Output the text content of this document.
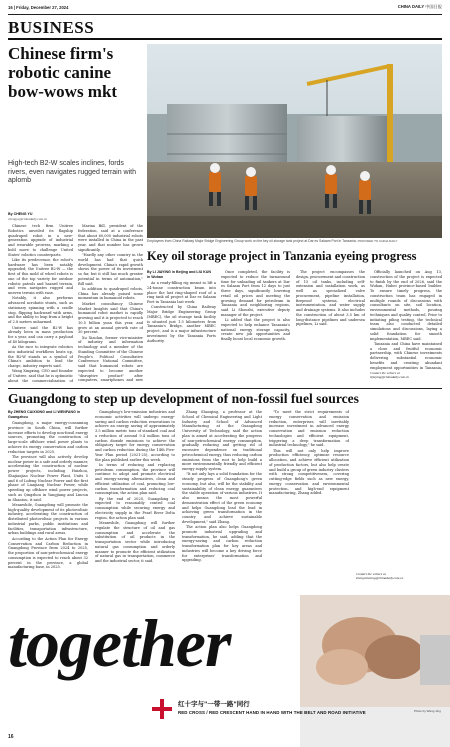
16 | Friday, December 27, 2024	CHINA DAILY 中国日报
BUSINESS
Chinese firm's robotic canine bow-wows mkt
High-tech B2-W scales inclines, fords rivers, even navigates rugged terrain with aplomb
By CHENG YU
chengyu@chinadaily.com.cn

Chinese tech firm Unitree Robotics unveiled its flagship quadruped robot in a new-generation upgrade of industrial and wearable prowess, marking a bold move to challenge United States' robotics counterparts.

Like its predecessor, the robot's hardware has been notably upgraded; the Unitree B2-W — the first of this mold of wheel robots is one of the top variety for outdoor robotic patrols and hazard terrain, and even navigates rugged and uneven terrain with ease.

Notably, it also performs advanced acrobatic stunts, such as stationary spinning with a cradle stop, flipping backward with arms, and the ability to leap from a height of 2.8 meters unharmed.

Unitree said the B2-W has already been in mass production for a year, and can carry a payload of 40 kilograms.

As the race to integrate robotics into industrial workflows heats up, the B2-W stands as a symbol of China's ambition to lead the charge, industry experts said.

Wang Xingxing, CEO and founder of Unitree, said that he is optimistic about the commercialization of

Marina Bill, president of the federation, said at a conference that about 60,000 industrial robots were installed in China in the past year, and that number has grown significantly.

"Hardly any other country in the world has had that quick development. China's rapid growth shows the power of its investment so far, but it still has much greater potential in terms of automation," Bill said.

In addition to quadruped robots, China has already poised some momentum in humanoid robots.

Market consultancy Chinese Market Insights said that China's humanoid robot market is rapidly growing and it is projected to reach 10.5 billion yuan this year, and grow at an annual growth rate of 30 percent.

Xu Xiaolan, former vice-minister of industry and information technology and a member of the Standing Committee of the Chinese People's Political Consultative Conference National Committee, said that humanoid robots are expected to become another "disruptive product" after computers, smartphones and new

Employees from China Railway Major Bridge Engineering Group work on the key oil storage tank project at Dar es Salaam Port in Tanzania. PROVIDED TO CHINA DAILY
Key oil storage project in Tanzania eyeing progress
By LI JIAYING in Beijing and LIU KUN in Wuhan

As a ready-filling rig meant to lift a 24-tonne construction beam into place the last ring-shaped roof of a ring tank oil project at Dar es Salaam Port in Tanzania last week.

Constructed by China Railway Major Bridge Engineering Group (MBEC), the oil storage tank facility is situated just 1.5 kilometers from Tanzania's Bridge, another MBEC project, and is a major infrastructure investment by the Tanzania Ports Authority.

Once completed, the facility is expected to reduce the turnaround time for unloading oil tankers at Dar es Salaam Port from 12 days to just three days, significantly lowering retail oil prices and meeting the growing demand for petroleum in Tanzania and neighboring regions, said Li Shouzhi, executive deputy manager of the project.

Li added that the project is also expected to help enhance Tanzania's national energy storage capacity, create new job opportunities and finally boost local economic growth.

The project encompasses the design, procurement and construction of 15 oil tanks, including self-extension and installation work, as well as specialized valve procurement, pipeline installation, fireproof systems, electrical instrumentation, and water supply and drainage systems. It also includes the construction of about 3.5 km of long-distance pipelines and undersea pipelines, Li said.

Officially launched on Aug 13, construction of the project is expected to finish by the end of 2026, said the Wuhan, Hubei province-based builder. To ensure timely progress, the construction team has engaged in multiple rounds of discussions with consultants on site, soil location, environmental methods, pouring techniques and quality control. Prior to initiating piling testing, the technical team also conducted detailed simulations and discussions, laying a solid foundation for smooth implementation, MBEC said.

Tanzania and China have maintained a close and fruitful economic partnership, with Chinese investments delivering substantial economic benefits and creating abundant employment opportunities in Tanzania,

Contact the writers at
lijiaying@chinadaily.com.cn
Guangdong to step up development of non-fossil fuel sources
By ZHENG CAIXIONG and LI WENFANG in Guangzhou

Guangdong, a major energy-consuming province in South China, will further increase efforts to develop non-fossil energy sources, promoting the construction of large-scale offshore wind power plants to achieve its energy conservation and carbon reduction targets in 2025.

The province will also actively develop nuclear power in a safe and orderly manner, accelerating the construction of nuclear power projects, including Huizhou, Shajiaojiao Nuclear Power Plant, Units 5 and 6 of Lufeng Nuclear Power and the first phase of Lianjiang Nuclear Power, while speeding up offshore wind power projects, such as Qingzhou in Yangjiang and Lincun in Shantou, it said.

Meanwhile, Guangdong will promote the high-quality development of its photovoltaic industry, accelerating the construction of distributed photovoltaic projects in various industrial parks, public institutions and facilities, transportation infrastructure, urban buildings and rural areas.

According to the Action Plan for Energy Conservation and Carbon Reduction in Guangdong Province from 2024 to 2025, the proportion of non-petrochemical energy consumption is expected to reach about 32 percent in the province, a global manufacturing base, in 2025.

Guangdong's low-emission industries and economic activities will undergo energy-saving and carbon reduction renovations to achieve an energy saving of approximately 3.5 million metric tons of standard coal and a reduction of around 9.4 million tons of carbon dioxide emissions to achieve the obligatory target for energy conservation and carbon reduction during the 14th Five-Year Plan period (2021-25), according to the plan published earlier this week.

In terms of reducing and replacing petroleum consumption, the province will continue to adopt and promote electrical and energy-saving alternatives, clean and efficient utilization of coal, promoting low-carbon transformation and reducing coal consumption, the action plan said.

By the end of 2025, Guangdong is expected to reasonably control coal consumption while securing energy and electricity supply in the Pearl River Delta region, the action plan said.

Meanwhile, Guangdong will further regulate the structure of oil and gas consumption and accelerate the substitution of oil products in the transportation sector while introducing natural gas consumption and orderly manner to promote the efficient utilization of natural gas in transportation, commerce and the industrial sector, it said.

Zhang Shaoqing, a professor at the School of Chemical Engineering and Light Industry and School of Advanced Manufacturing at the Guangdong University of Technology, said the action plan is aimed at accelerating the progress of non-petrochemical energy consumption, gradually reducing and getting rid of excessive dependence on traditional petrochemical energy, thus reducing carbon emissions from the root to help build a more environmentally friendly and efficient energy supply system.

"It not only lays a solid foundation for the steady progress of Guangdong's green economy, but also, will be the stability and sustainability of clean energy, guarantees the stable operation of various industries. It also means the most powerful demonstration effect of the green economy and helps Guangdong lead the lead in achieving green transformation in the country and achieve sustainable development," said Zhang.

The action plan also helps Guangdong promote industrial upgrading and transformation, he said, adding that the energy-saving and carbon reduction transformation plan for key areas and industries will become a key driving force for enterprises' transformation and upgrading.

"To meet the strict requirements of energy conservation and emission reduction, enterprises will inevitably increase investment in advanced energy conservation and emission reduction technologies and efficient equipment, triggering a deep transformation of industrial technology," he said.

This will not only help improve production efficiency, optimize resource allocation, and achieve efficient utilization of production factors, but also help create and build a group of green industry clusters with strong competitiveness, covering cutting-edge fields such as new energy, energy conservation and environmental protection, and high-end equipment manufacturing, Zhang added.

Contact the writers at
zhengcaixiong@chinadaily.com.cn
together
Photo by Wang Jing
红十字与"一带一路"同行
RED CROSS / RED CRESCENT HAND IN HAND WITH THE BELT AND ROAD INITIATIVE
16
